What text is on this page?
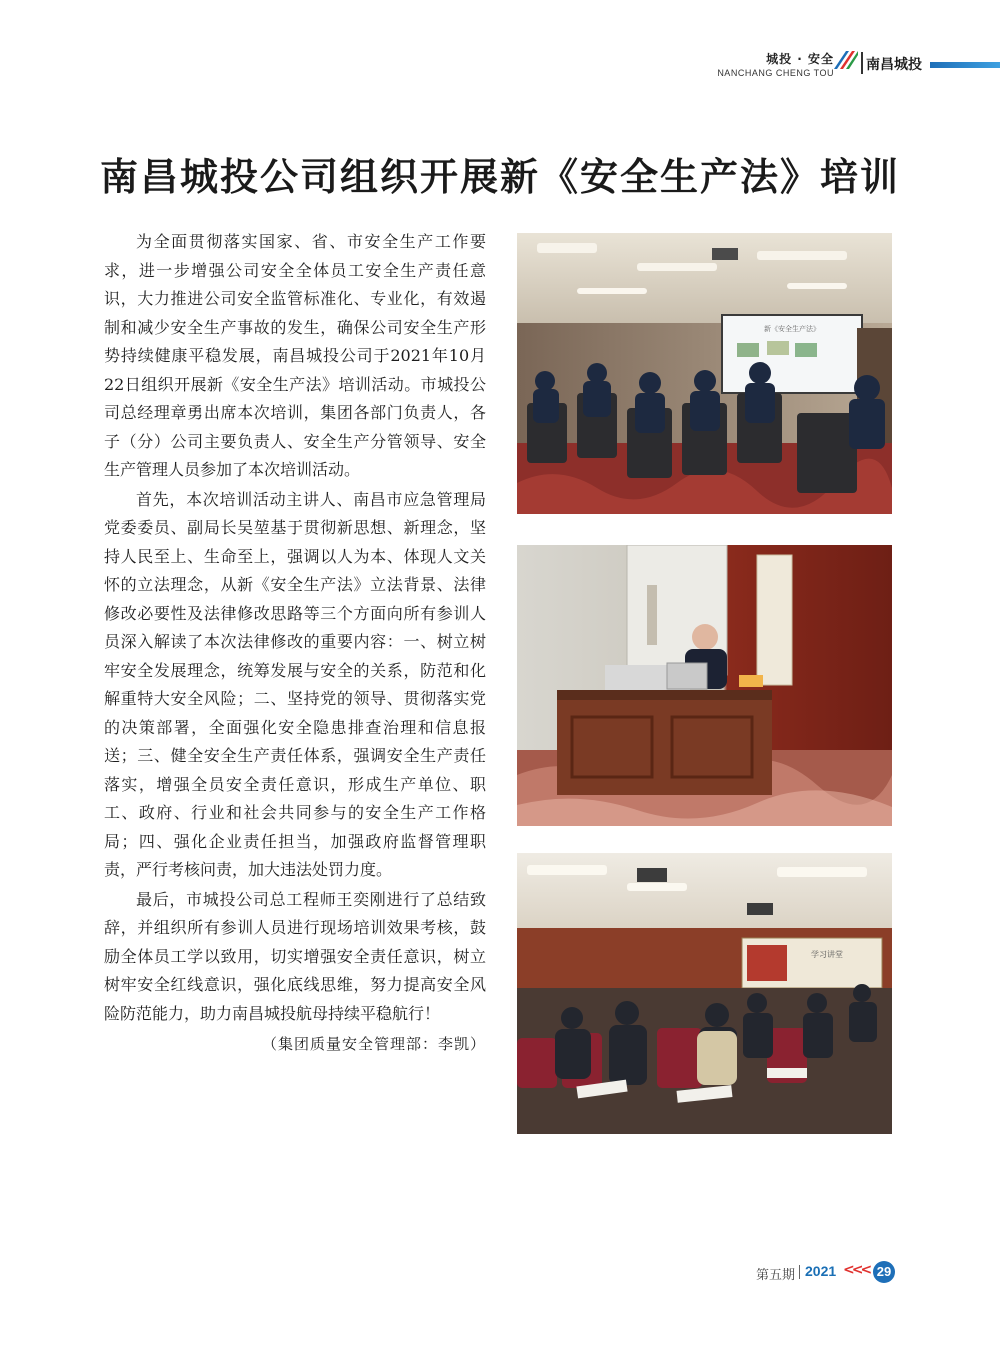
城投 · 安全
NANCHANG CHENG TOU 南昌城投
南昌城投公司组织开展新《安全生产法》培训

为全面贯彻落实国家、省、市安全生产工作要求，进一步增强公司安全全体员工安全生产责任意识，大力推进公司安全监管标准化、专业化，有效遏制和减少安全生产事故的发生，确保公司安全生产形势持续健康平稳发展，南昌城投公司于2021年10月22日组织开展新《安全生产法》培训活动。市城投公司总经理章勇出席本次培训，集团各部门负责人，各子（分）公司主要负责人、安全生产分管领导、安全生产管理人员参加了本次培训活动。

首先，本次培训活动主讲人、南昌市应急管理局党委委员、副局长吴堃基于贯彻新思想、新理念，坚持人民至上、生命至上，强调以人为本、体现人文关怀的立法理念，从新《安全生产法》立法背景、法律修改必要性及法律修改思路等三个方面向所有参训人员深入解读了本次法律修改的重要内容：一、树立树牢安全发展理念，统筹发展与安全的关系，防范和化解重特大安全风险；二、坚持党的领导、贯彻落实党的决策部署，全面强化安全隐患排查治理和信息报送；三、健全安全生产责任体系，强调安全生产责任落实，增强全员安全责任意识，形成生产单位、职工、政府、行业和社会共同参与的安全生产工作格局；四、强化企业责任担当，加强政府监督管理职责，严行考核问责，加大违法处罚力度。

最后，市城投公司总工程师王奕刚进行了总结致辞，并组织所有参训人员进行现场培训效果考核，鼓励全体员工学以致用，切实增强安全责任意识，树立树牢安全红线意识，强化底线思维，努力提高安全风险防范能力，助力南昌城投航母持续平稳航行！

（集团质量安全管理部：李凯）

新《安全生产法》
学习讲堂
第五期 2021 <<< 29
